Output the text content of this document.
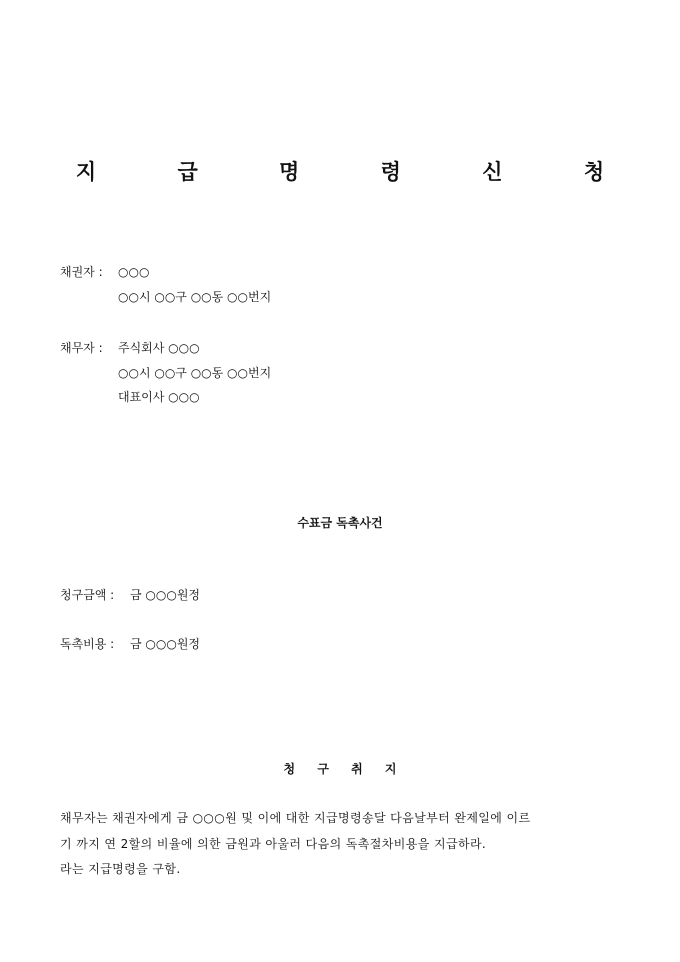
지 급 명 령 신 청
채권자 : ○○○
○○시 ○○구 ○○동 ○○번지
채무자 : 주식회사 ○○○
○○시 ○○구 ○○동 ○○번지
대표이사 ○○○
수표금 독촉사건
청구금액 : 금 ○○○원정
독촉비용 : 금 ○○○원정
청 구 취 지
채무자는 채권자에게 금 ○○○원 및 이에 대한 지급명령송달 다음날부터 완제일에 이르
기 까지 연 2할의 비율에 의한 금원과 아울러 다음의 독촉절차비용을 지급하라.
라는 지급명령을 구함.
